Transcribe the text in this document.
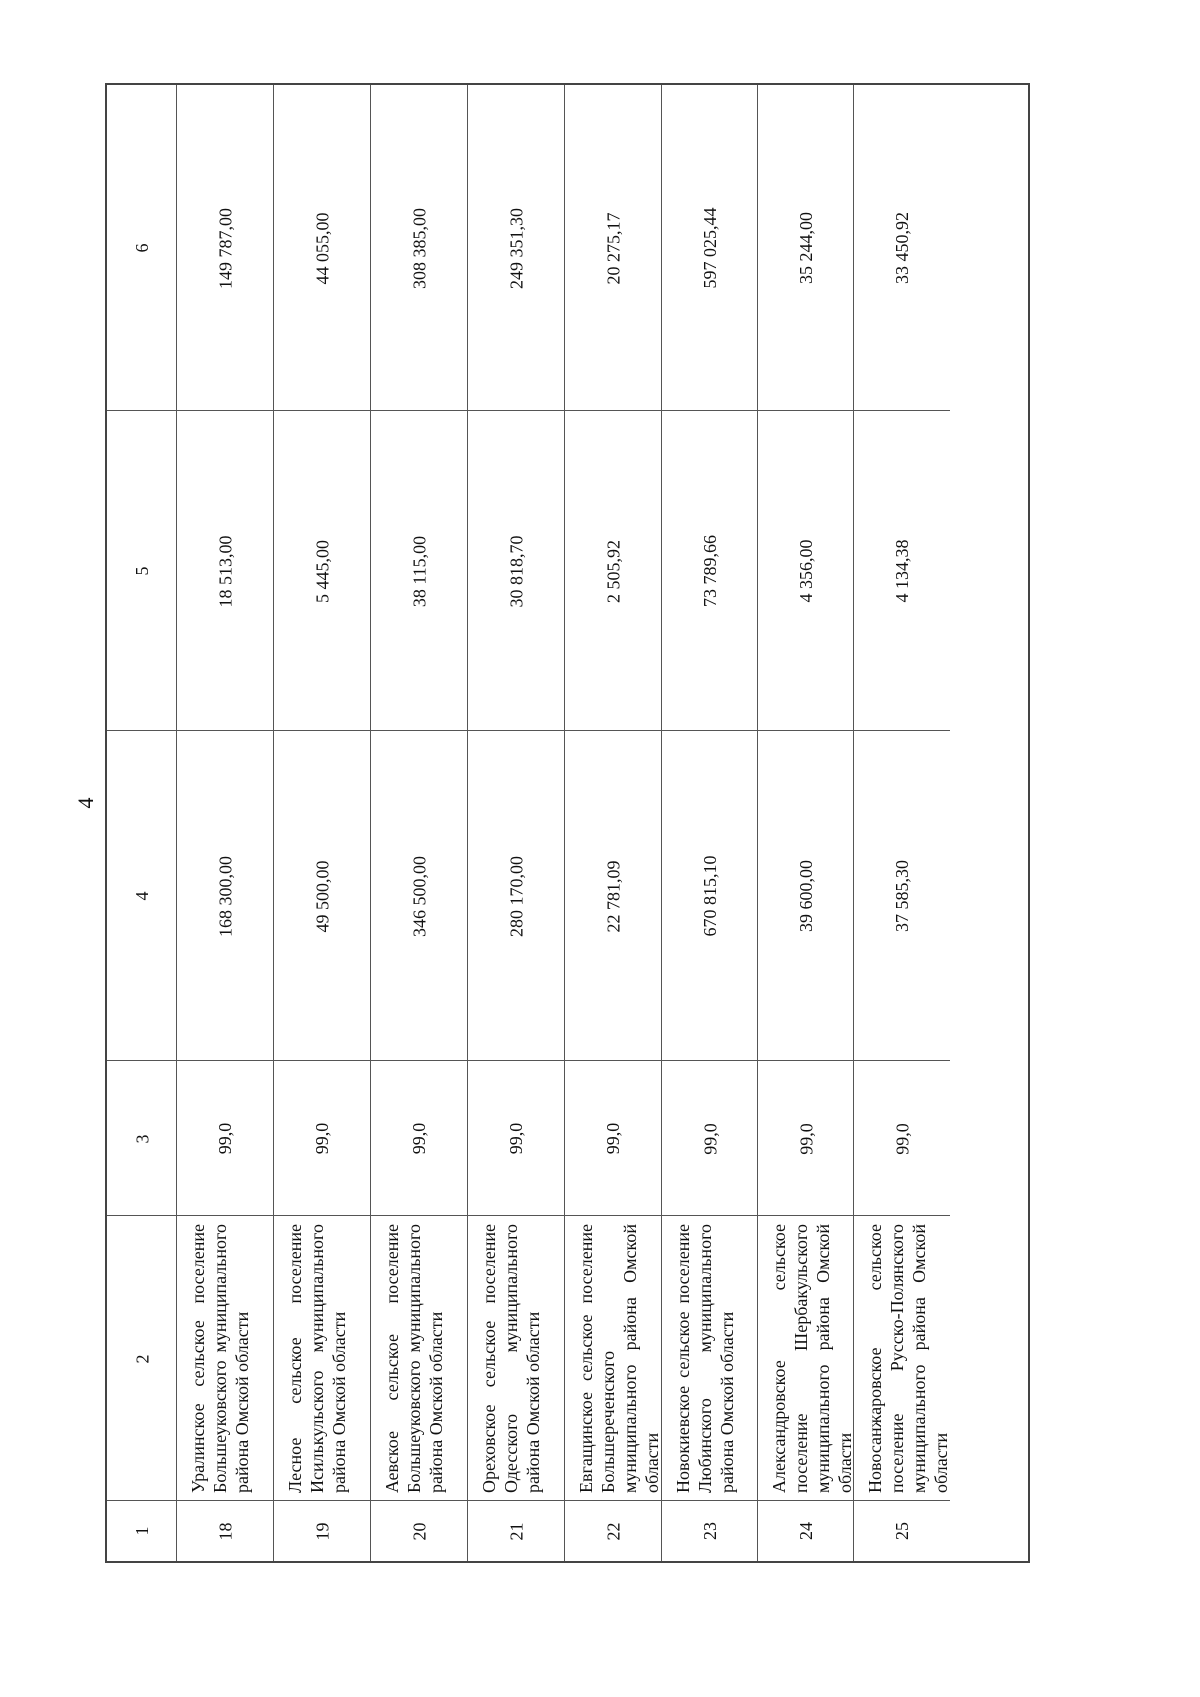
4
1
2
3
4
5
6
18
Уралинское сельское поселение Большеуковского муниципального района Омской области
99,0
168 300,00
18 513,00
149 787,00
19
Лесное сельское поселение Исилькульского муниципального района Омской области
99,0
49 500,00
5 445,00
44 055,00
20
Аевское сельское поселение Большеуковского муниципального района Омской области
99,0
346 500,00
38 115,00
308 385,00
21
Ореховское сельское поселение Одесского муниципального района Омской области
99,0
280 170,00
30 818,70
249 351,30
22
Евгащинское сельское поселение Большереченского муниципального района Омской области
99,0
22 781,09
2 505,92
20 275,17
23
Новокиевское сельское поселение Любинского муниципального района Омской области
99,0
670 815,10
73 789,66
597 025,44
24
Александровское сельское поселение Шербакульского муниципального района Омской области
99,0
39 600,00
4 356,00
35 244,00
25
Новосанжаровское сельское поселение Русско-Полянского муниципального района Омской области
99,0
37 585,30
4 134,38
33 450,92
